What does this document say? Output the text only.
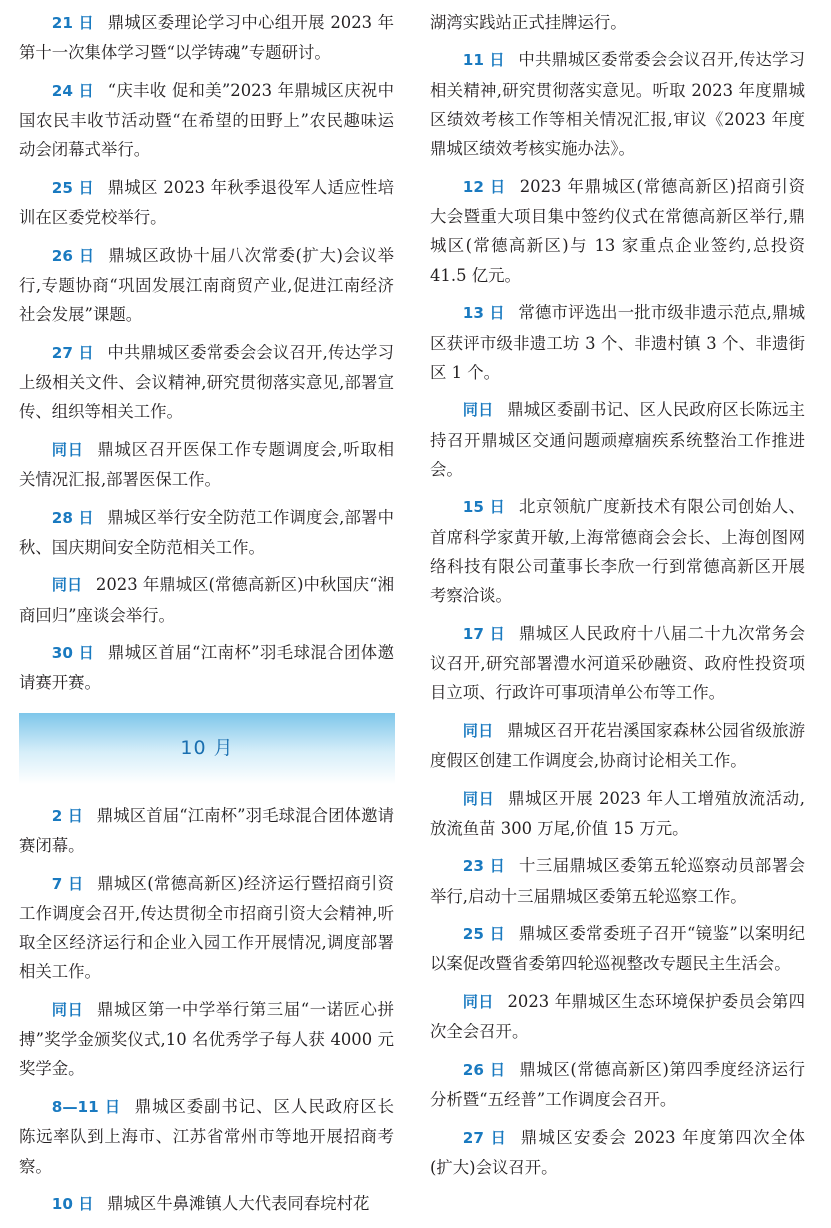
21 日 鼎城区委理论学习中心组开展 2023 年第十一次集体学习暨“以学铸魂”专题研讨。

24 日 “庆丰收 促和美”2023 年鼎城区庆祝中国农民丰收节活动暨“在希望的田野上”农民趣味运动会闭幕式举行。

25 日 鼎城区 2023 年秋季退役军人适应性培训在区委党校举行。

26 日 鼎城区政协十届八次常委(扩大)会议举行,专题协商“巩固发展江南商贸产业,促进江南经济社会发展”课题。

27 日 中共鼎城区委常委会会议召开,传达学习上级相关文件、会议精神,研究贯彻落实意见,部署宣传、组织等相关工作。

同日 鼎城区召开医保工作专题调度会,听取相关情况汇报,部署医保工作。

28 日 鼎城区举行安全防范工作调度会,部署中秋、国庆期间安全防范相关工作。

同日 2023 年鼎城区(常德高新区)中秋国庆“湘商回归”座谈会举行。

30 日 鼎城区首届“江南杯”羽毛球混合团体邀请赛开赛。

10 月

2 日 鼎城区首届“江南杯”羽毛球混合团体邀请赛闭幕。

7 日 鼎城区(常德高新区)经济运行暨招商引资工作调度会召开,传达贯彻全市招商引资大会精神,听取全区经济运行和企业入园工作开展情况,调度部署相关工作。

同日 鼎城区第一中学举行第三届“一诺匠心拼搏”奖学金颁奖仪式,10 名优秀学子每人获 4000 元奖学金。

8—11 日 鼎城区委副书记、区人民政府区长陈远率队到上海市、江苏省常州市等地开展招商考察。

10 日 鼎城区牛鼻滩镇人大代表同春垸村花

湖湾实践站正式挂牌运行。

11 日 中共鼎城区委常委会会议召开,传达学习相关精神,研究贯彻落实意见。听取 2023 年度鼎城区绩效考核工作等相关情况汇报,审议《2023 年度鼎城区绩效考核实施办法》。

12 日 2023 年鼎城区(常德高新区)招商引资大会暨重大项目集中签约仪式在常德高新区举行,鼎城区(常德高新区)与 13 家重点企业签约,总投资 41.5 亿元。

13 日 常德市评选出一批市级非遗示范点,鼎城区获评市级非遗工坊 3 个、非遗村镇 3 个、非遗街区 1 个。

同日 鼎城区委副书记、区人民政府区长陈远主持召开鼎城区交通问题顽瘴痼疾系统整治工作推进会。

15 日 北京领航广度新技术有限公司创始人、首席科学家黄开敏,上海常德商会会长、上海创图网络科技有限公司董事长李欣一行到常德高新区开展考察洽谈。

17 日 鼎城区人民政府十八届二十九次常务会议召开,研究部署澧水河道采砂融资、政府性投资项目立项、行政许可事项清单公布等工作。

同日 鼎城区召开花岩溪国家森林公园省级旅游度假区创建工作调度会,协商讨论相关工作。

同日 鼎城区开展 2023 年人工增殖放流活动,放流鱼苗 300 万尾,价值 15 万元。

23 日 十三届鼎城区委第五轮巡察动员部署会举行,启动十三届鼎城区委第五轮巡察工作。

25 日 鼎城区委常委班子召开“镜鉴”以案明纪以案促改暨省委第四轮巡视整改专题民主生活会。

同日 2023 年鼎城区生态环境保护委员会第四次全会召开。

26 日 鼎城区(常德高新区)第四季度经济运行分析暨“五经普”工作调度会召开。

27 日 鼎城区安委会 2023 年度第四次全体(扩大)会议召开。
